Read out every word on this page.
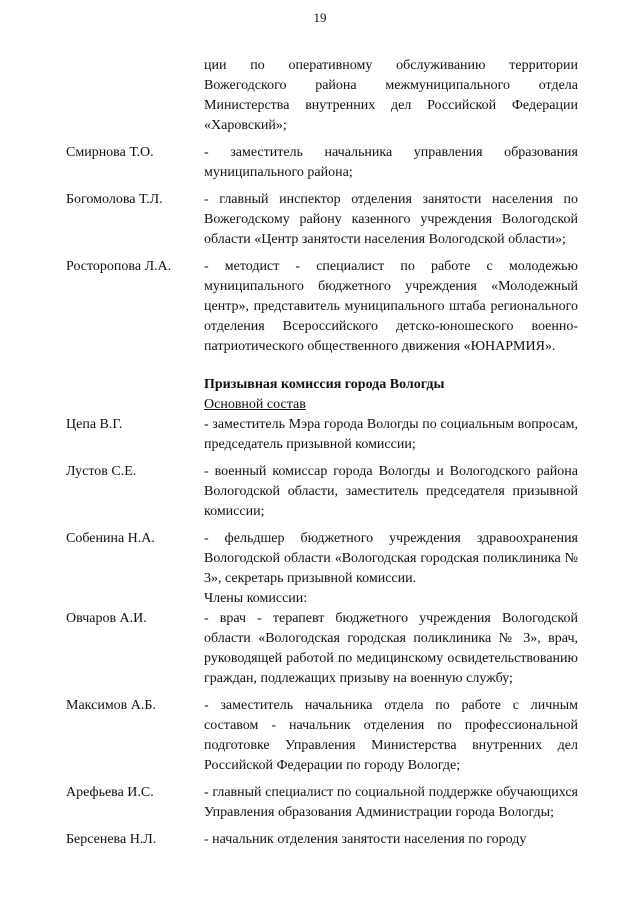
19
ции по оперативному обслуживанию территории Вожегодского района межмуниципального отдела Министерства внутренних дел Российской Федерации «Харовский»;
Смирнова Т.О.	- заместитель начальника управления образования муниципального района;
Богомолова Т.Л.	- главный инспектор отделения занятости населения по Вожегодскому району казенного учреждения Вологодской области «Центр занятости населения Вологодской области»;
Росторопова Л.А.	- методист - специалист по работе с молодежью муниципального бюджетного учреждения «Молодежный центр», представитель муниципального штаба регионального отделения Всероссийского детско-юношеского военно-патриотического общественного движения «ЮНАРМИЯ».
Призывная комиссия города Вологды
Основной состав
Цепа В.Г.	- заместитель Мэра города Вологды по социальным вопросам, председатель призывной комиссии;
Лустов С.Е.	- военный комиссар города Вологды и Вологодского района Вологодской области, заместитель председателя призывной комиссии;
Собенина Н.А.	- фельдшер бюджетного учреждения здравоохранения Вологодской области «Вологодская городская поликлиника № 3», секретарь призывной комиссии.
Члены комиссии:
Овчаров А.И.	- врач - терапевт бюджетного учреждения Вологодской области «Вологодская городская поликлиника № 3», врач, руководящей работой по медицинскому освидетельствованию граждан, подлежащих призыву на военную службу;
Максимов А.Б.	- заместитель начальника отдела по работе с личным составом - начальник отделения по профессиональной подготовке Управления Министерства внутренних дел Российской Федерации по городу Вологде;
Арефьева И.С.	- главный специалист по социальной поддержке обучающихся Управления образования Администрации города Вологды;
Берсенева Н.Л.	- начальник отделения занятости населения по городу
